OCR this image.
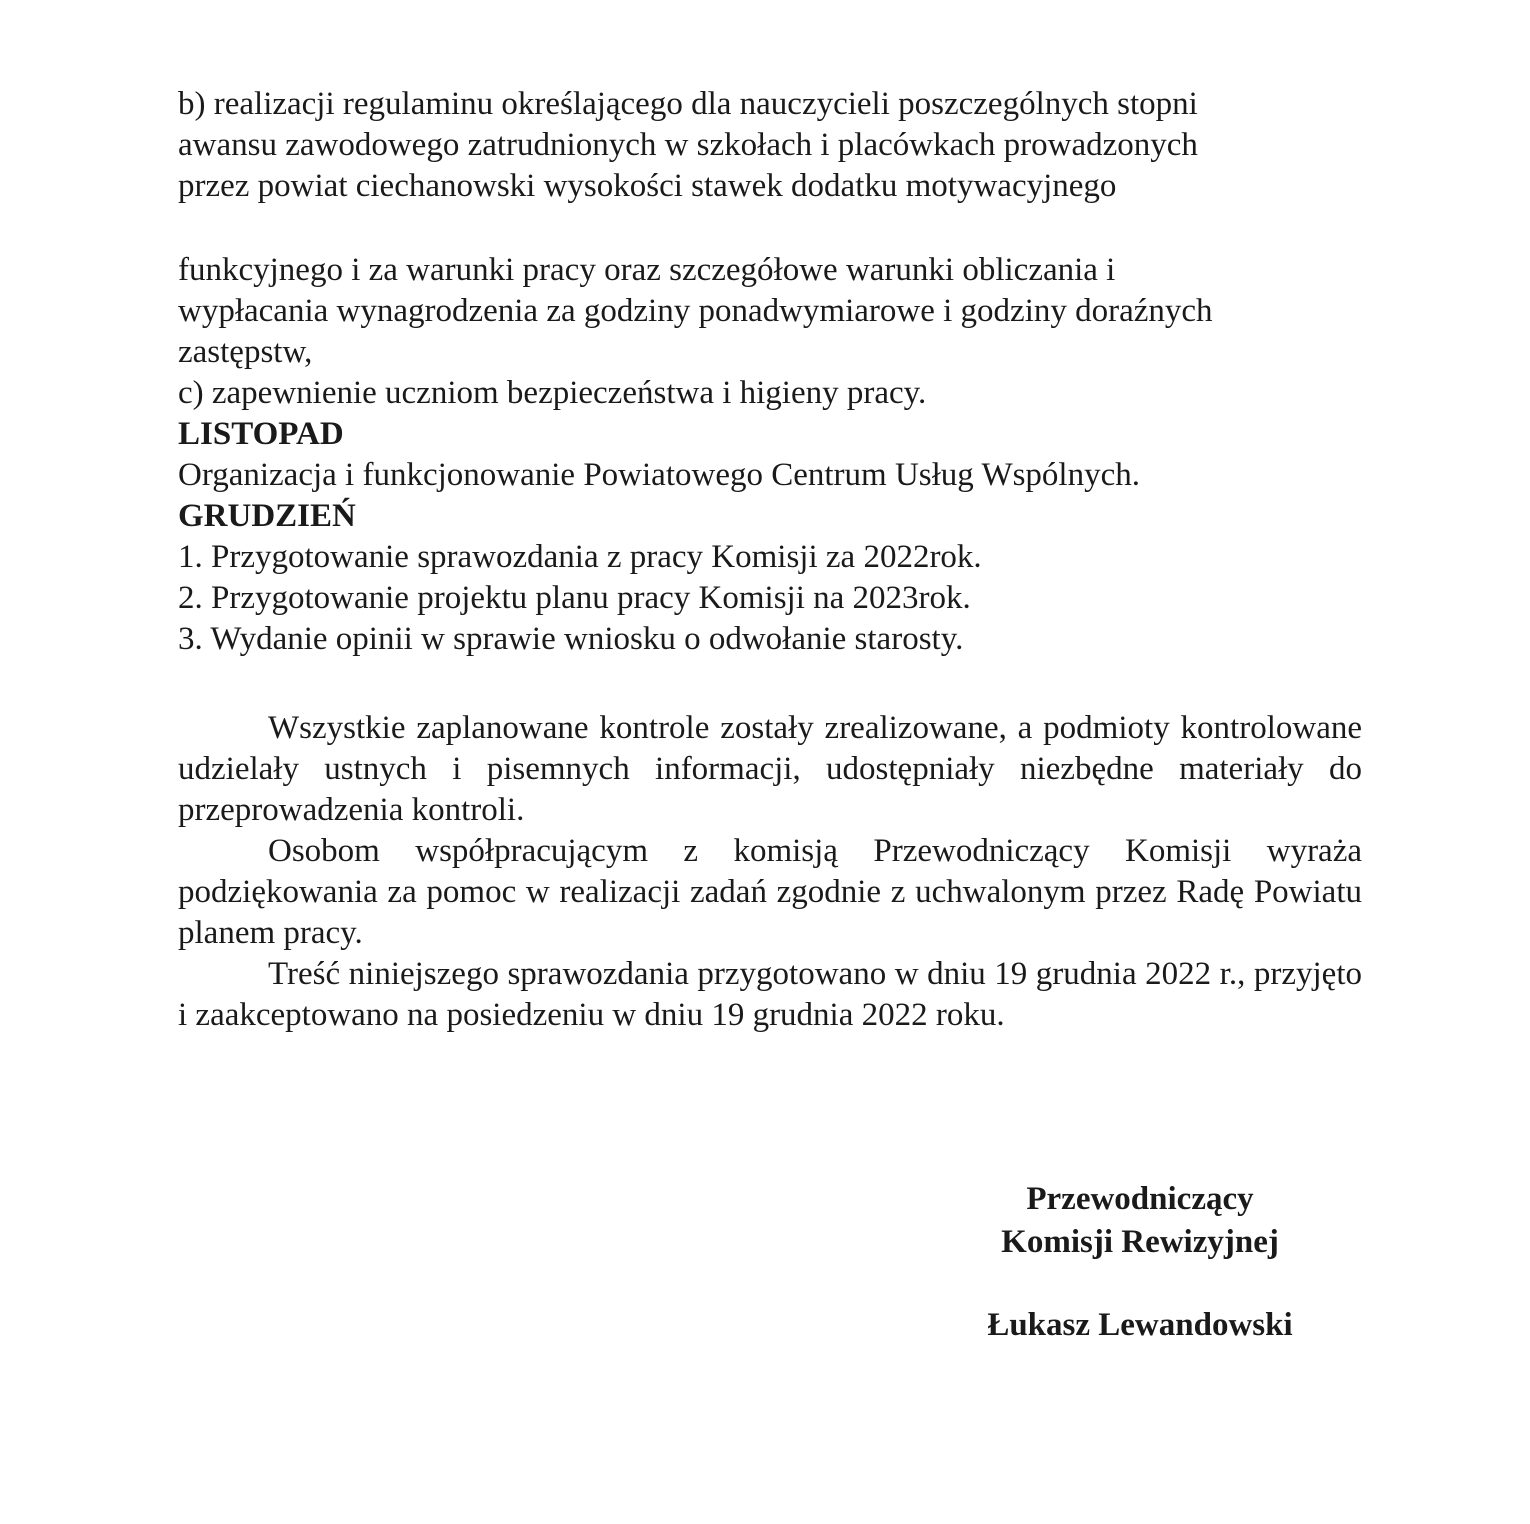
b) realizacji regulaminu określającego dla nauczycieli poszczególnych stopni
awansu zawodowego zatrudnionych w szkołach i placówkach prowadzonych
przez powiat ciechanowski wysokości stawek dodatku motywacyjnego
funkcyjnego i za warunki pracy oraz szczegółowe warunki obliczania i
wypłacania wynagrodzenia za godziny ponadwymiarowe i godziny doraźnych
zastępstw,
c) zapewnienie uczniom bezpieczeństwa i higieny pracy.
LISTOPAD
Organizacja i funkcjonowanie Powiatowego Centrum Usług Wspólnych.
GRUDZIEŃ
1. Przygotowanie sprawozdania z pracy Komisji za 2022rok.
2. Przygotowanie projektu planu pracy Komisji na 2023rok.
3. Wydanie opinii w sprawie wniosku o odwołanie starosty.
Wszystkie zaplanowane kontrole zostały zrealizowane, a podmioty kontrolowane udzielały ustnych i pisemnych informacji, udostępniały niezbędne materiały do przeprowadzenia kontroli.
Osobom współpracującym z komisją Przewodniczący Komisji wyraża podziękowania za pomoc w realizacji zadań zgodnie z uchwalonym przez Radę Powiatu planem pracy.
Treść niniejszego sprawozdania przygotowano w dniu 19 grudnia 2022 r., przyjęto i zaakceptowano na posiedzeniu w dniu 19 grudnia 2022 roku.
Przewodniczący
Komisji Rewizyjnej
Łukasz Lewandowski
